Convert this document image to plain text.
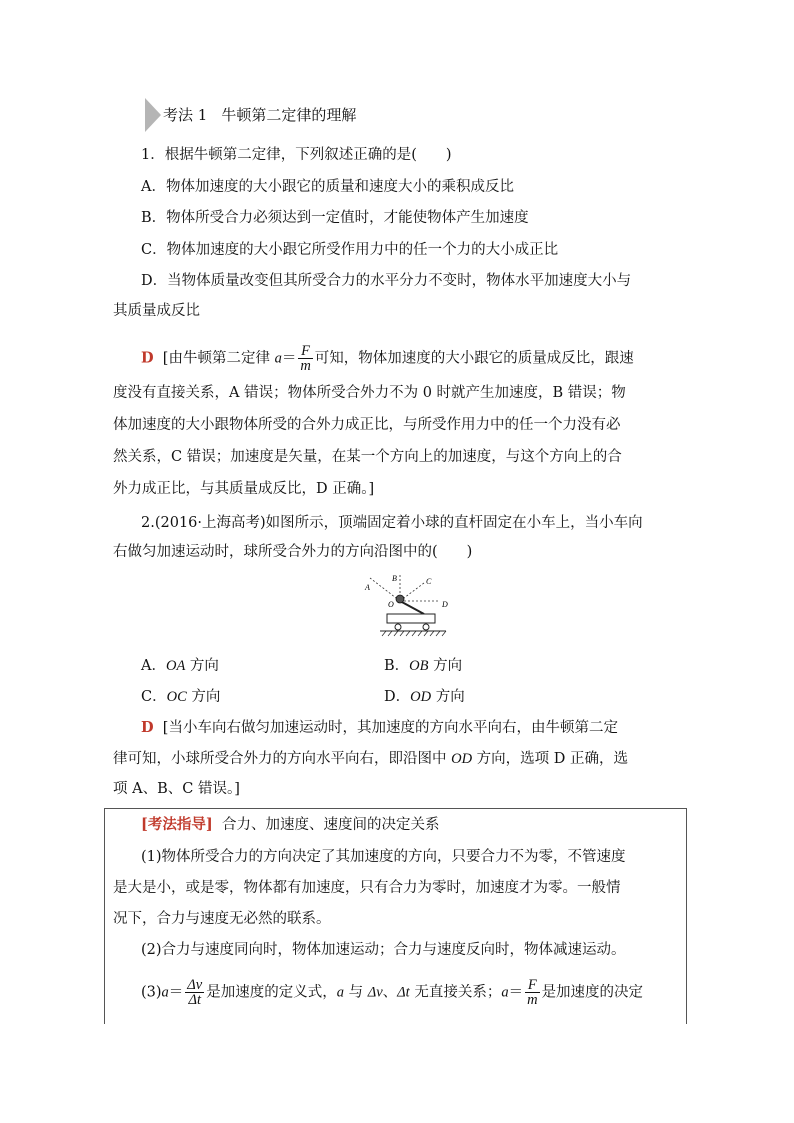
考法 1 牛顿第二定律的理解
1．根据牛顿第二定律，下列叙述正确的是(　　)
A．物体加速度的大小跟它的质量和速度大小的乘积成反比
B．物体所受合力必须达到一定值时，才能使物体产生加速度
C．物体加速度的大小跟它所受作用力中的任一个力的大小成正比
D．当物体质量改变但其所受合力的水平分力不变时，物体水平加速度大小与
其质量成反比
D [由牛顿第二定律 $a= \frac{F}{m}$ 可知，物体加速度的大小跟它的质量成反比，跟速
度没有直接关系，A 错误；物体所受合外力不为 0 时就产生加速度，B 错误；物
体加速度的大小跟物体所受的合外力成正比，与所受作用力中的任一个力没有必
然关系，C 错误；加速度是矢量，在某一个方向上的加速度，与这个方向上的合
外力成正比，与其质量成反比，D 正确。]
2.(2016·上海高考)如图所示，顶端固定着小球的直杆固定在小车上，当小车向
右做匀加速运动时，球所受合外力的方向沿图中的(　　)
A
B	C
D
O
A．OA 方向	B．OB 方向
C．OC 方向	D．OD 方向
D [当小车向右做匀加速运动时，其加速度的方向水平向右，由牛顿第二定
律可知，小球所受合外力的方向水平向右，即沿图中 OD 方向，选项 D 正确，选
项 A、B、C 错误。]
[考法指导] 合力、加速度、速度间的决定关系
(1)物体所受合力的方向决定了其加速度的方向，只要合力不为零，不管速度
是大是小，或是零，物体都有加速度，只有合力为零时，加速度才为零。一般情
况下，合力与速度无必然的联系。
(2)合力与速度同向时，物体加速运动；合力与速度反向时，物体减速运动。
$(3)a= \frac{\Delta v}{\Delta t}$ 是加速度的定义式，a 与 Δv、Δt 无直接关系；$a= \frac{F}{m}$ 是加速度的决定
